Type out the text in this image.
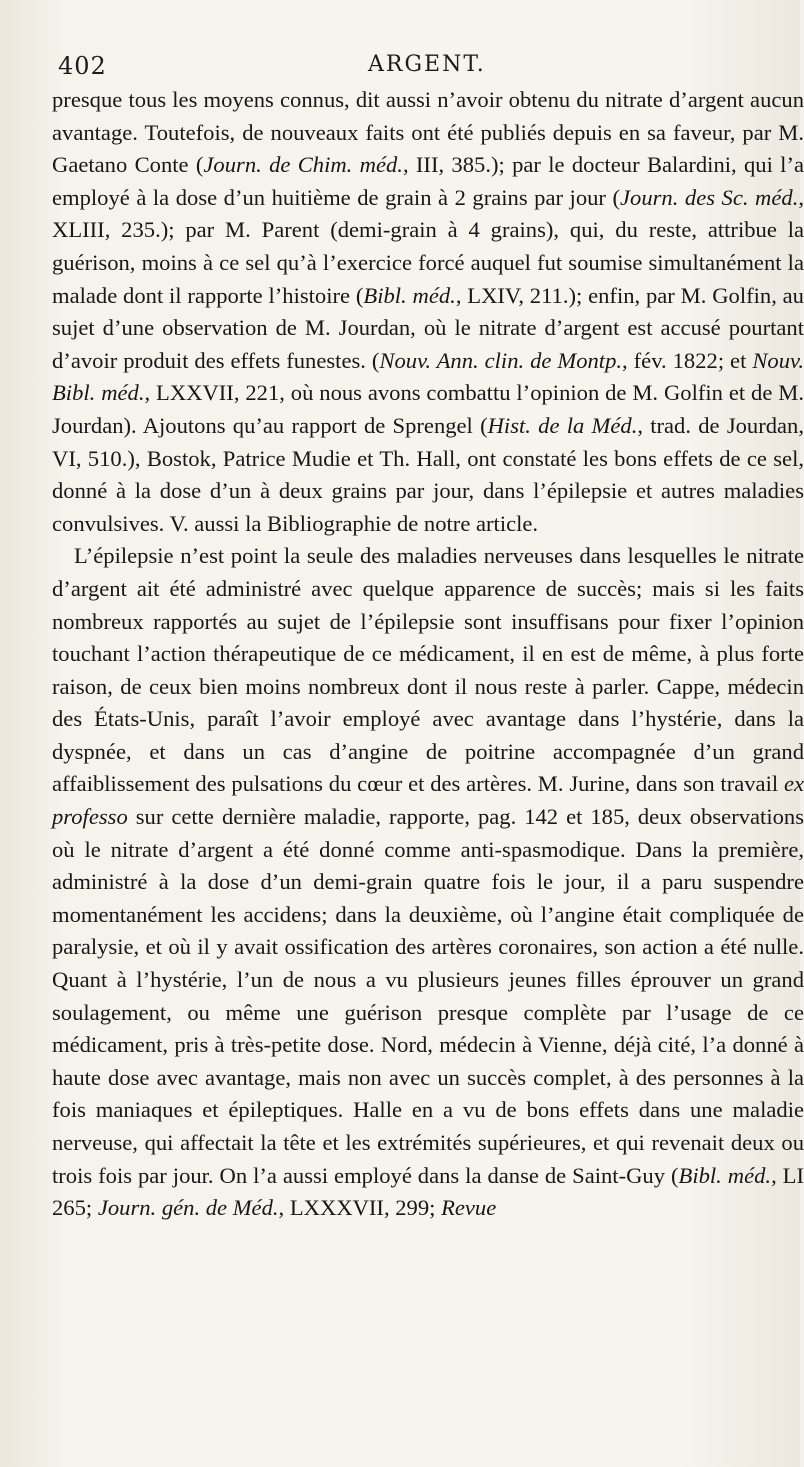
402	ARGENT.

presque tous les moyens connus, dit aussi n’avoir obtenu du nitrate d’argent aucun avantage. Toutefois, de nouveaux faits ont été publiés depuis en sa faveur, par M. Gaetano Conte (Journ. de Chim. méd., III, 385.); par le docteur Balardini, qui l’a employé à la dose d’un huitième de grain à 2 grains par jour (Journ. des Sc. méd., XLIII, 235.); par M. Parent (demi-grain à 4 grains), qui, du reste, attribue la guérison, moins à ce sel qu’à l’exercice forcé auquel fut soumise simultanément la malade dont il rapporte l’histoire (Bibl. méd., LXIV, 211.); enfin, par M. Golfin, au sujet d’une observation de M. Jourdan, où le nitrate d’argent est accusé pourtant d’avoir produit des effets funestes. (Nouv. Ann. clin. de Montp., fév. 1822; et Nouv. Bibl. méd., LXXVII, 221, où nous avons combattu l’opinion de M. Golfin et de M. Jourdan). Ajoutons qu’au rapport de Sprengel (Hist. de la Méd., trad. de Jourdan, VI, 510.), Bostok, Patrice Mudie et Th. Hall, ont constaté les bons effets de ce sel, donné à la dose d’un à deux grains par jour, dans l’épilepsie et autres maladies convulsives. V. aussi la Bibliographie de notre article.

L’épilepsie n’est point la seule des maladies nerveuses dans lesquelles le nitrate d’argent ait été administré avec quelque apparence de succès; mais si les faits nombreux rapportés au sujet de l’épilepsie sont insuffisans pour fixer l’opinion touchant l’action thérapeutique de ce médicament, il en est de même, à plus forte raison, de ceux bien moins nombreux dont il nous reste à parler. Cappe, médecin des États-Unis, paraît l’avoir employé avec avantage dans l’hystérie, dans la dyspnée, et dans un cas d’angine de poitrine accompagnée d’un grand affaiblissement des pulsations du cœur et des artères. M. Jurine, dans son travail ex professo sur cette dernière maladie, rapporte, pag. 142 et 185, deux observations où le nitrate d’argent a été donné comme anti-spasmodique. Dans la première, administré à la dose d’un demi-grain quatre fois le jour, il a paru suspendre momentanément les accidens; dans la deuxième, où l’angine était compliquée de paralysie, et où il y avait ossification des artères coronaires, son action a été nulle. Quant à l’hystérie, l’un de nous a vu plusieurs jeunes filles éprouver un grand soulagement, ou même une guérison presque complète par l’usage de ce médicament, pris à très-petite dose. Nord, médecin à Vienne, déjà cité, l’a donné à haute dose avec avantage, mais non avec un succès complet, à des personnes à la fois maniaques et épileptiques. Halle en a vu de bons effets dans une maladie nerveuse, qui affectait la tête et les extrémités supérieures, et qui revenait deux ou trois fois par jour. On l’a aussi employé dans la danse de Saint-Guy (Bibl. méd., LI 265; Journ. gén. de Méd., LXXXVII, 299; Revue
